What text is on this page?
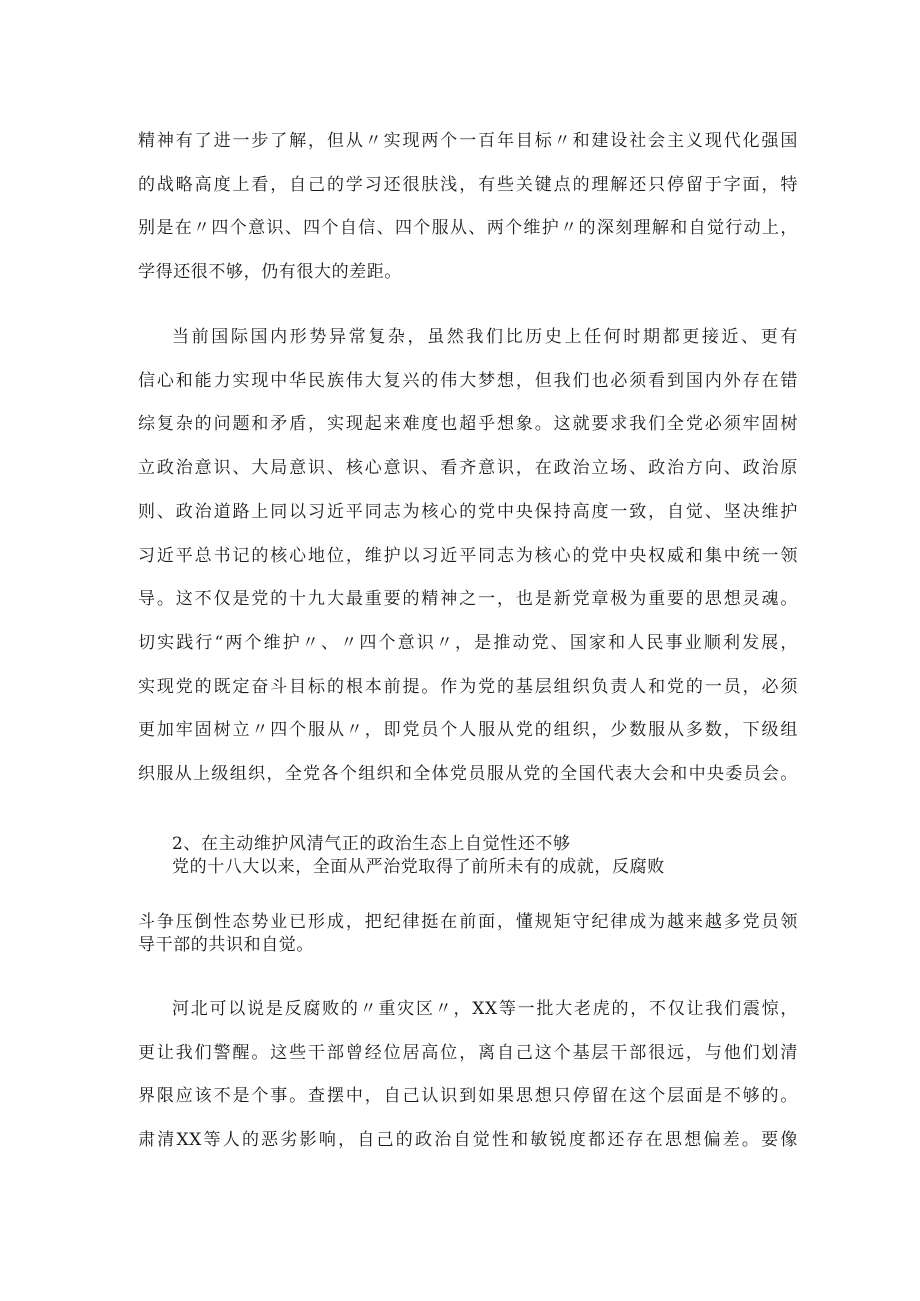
精神有了进一步了解，但从〃实现两个一百年目标〃和建设社会主义现代化强国
的战略高度上看，自己的学习还很肤浅，有些关键点的理解还只停留于字面，特
别是在〃四个意识、四个自信、四个服从、两个维护〃的深刻理解和自觉行动上，
学得还很不够，仍有很大的差距。
当前国际国内形势异常复杂，虽然我们比历史上任何时期都更接近、更有
信心和能力实现中华民族伟大复兴的伟大梦想，但我们也必须看到国内外存在错
综复杂的问题和矛盾，实现起来难度也超乎想象。这就要求我们全党必须牢固树
立政治意识、大局意识、核心意识、看齐意识，在政治立场、政治方向、政治原
则、政治道路上同以习近平同志为核心的党中央保持高度一致，自觉、坚决维护
习近平总书记的核心地位，维护以习近平同志为核心的党中央权威和集中统一领
导。这不仅是党的十九大最重要的精神之一，也是新党章极为重要的思想灵魂。
切实践行“两个维护〃、〃四个意识〃，是推动党、国家和人民事业顺利发展，
实现党的既定奋斗目标的根本前提。作为党的基层组织负责人和党的一员，必须
更加牢固树立〃四个服从〃，即党员个人服从党的组织，少数服从多数，下级组
织服从上级组织，全党各个组织和全体党员服从党的全国代表大会和中央委员会。
2、在主动维护风清气正的政治生态上自觉性还不够
党的十八大以来，全面从严治党取得了前所未有的成就，反腐败
斗争压倒性态势业已形成，把纪律挺在前面，懂规矩守纪律成为越来越多党员领
导干部的共识和自觉。
河北可以说是反腐败的〃重灾区〃，XX等一批大老虎的，不仅让我们震惊，
更让我们警醒。这些干部曾经位居高位，离自己这个基层干部很远，与他们划清
界限应该不是个事。查摆中，自己认识到如果思想只停留在这个层面是不够的。
肃清XX等人的恶劣影响，自己的政治自觉性和敏锐度都还存在思想偏差。要像
